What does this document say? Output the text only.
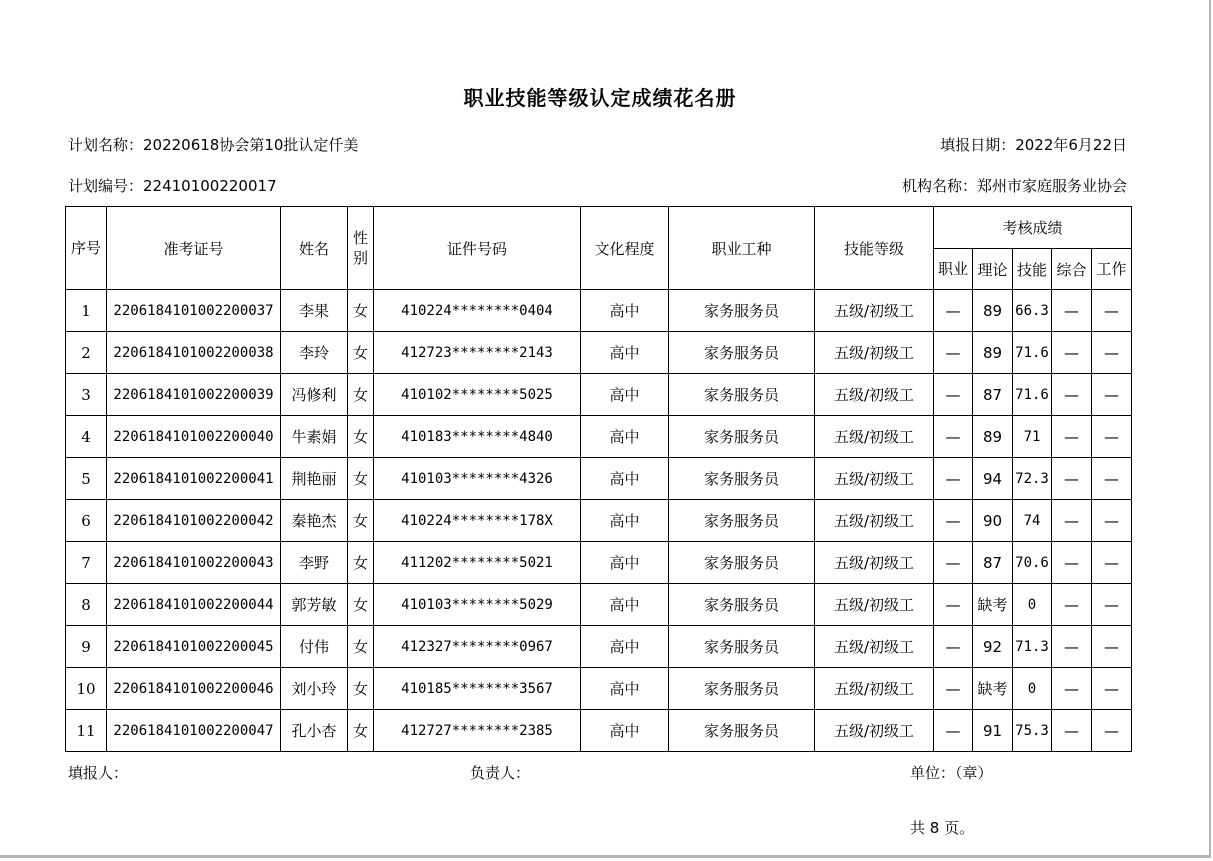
职业技能等级认定成绩花名册
计划名称：20220618协会第10批认定仟美	填报日期：2022年6月22日
计划编号：22410100220017	机构名称：郑州市家庭服务业协会
序号	准考证号	姓名	性别	证件号码	文化程度	职业工种	技能等级	考核成绩				
								职业	理论	技能	综合	工作
1	2206184101002200037	李果	女	410224********0404	高中	家务服务员	五级/初级工	—	89	66.3	—	—
2	2206184101002200038	李玲	女	412723********2143	高中	家务服务员	五级/初级工	—	89	71.6	—	—
3	2206184101002200039	冯修利	女	410102********5025	高中	家务服务员	五级/初级工	—	87	71.6	—	—
4	2206184101002200040	牛素娟	女	410183********4840	高中	家务服务员	五级/初级工	—	89	71	—	—
5	2206184101002200041	荆艳丽	女	410103********4326	高中	家务服务员	五级/初级工	—	94	72.3	—	—
6	2206184101002200042	秦艳杰	女	410224********178X	高中	家务服务员	五级/初级工	—	90	74	—	—
7	2206184101002200043	李野	女	411202********5021	高中	家务服务员	五级/初级工	—	87	70.6	—	—
8	2206184101002200044	郭芳敏	女	410103********5029	高中	家务服务员	五级/初级工	—	缺考	0	—	—
9	2206184101002200045	付伟	女	412327********0967	高中	家务服务员	五级/初级工	—	92	71.3	—	—
10	2206184101002200046	刘小玲	女	410185********3567	高中	家务服务员	五级/初级工	—	缺考	0	—	—
11	2206184101002200047	孔小杏	女	412727********2385	高中	家务服务员	五级/初级工	—	91	75.3	—	—
填报人：	负责人：	单位：（章）
共 8 页。
